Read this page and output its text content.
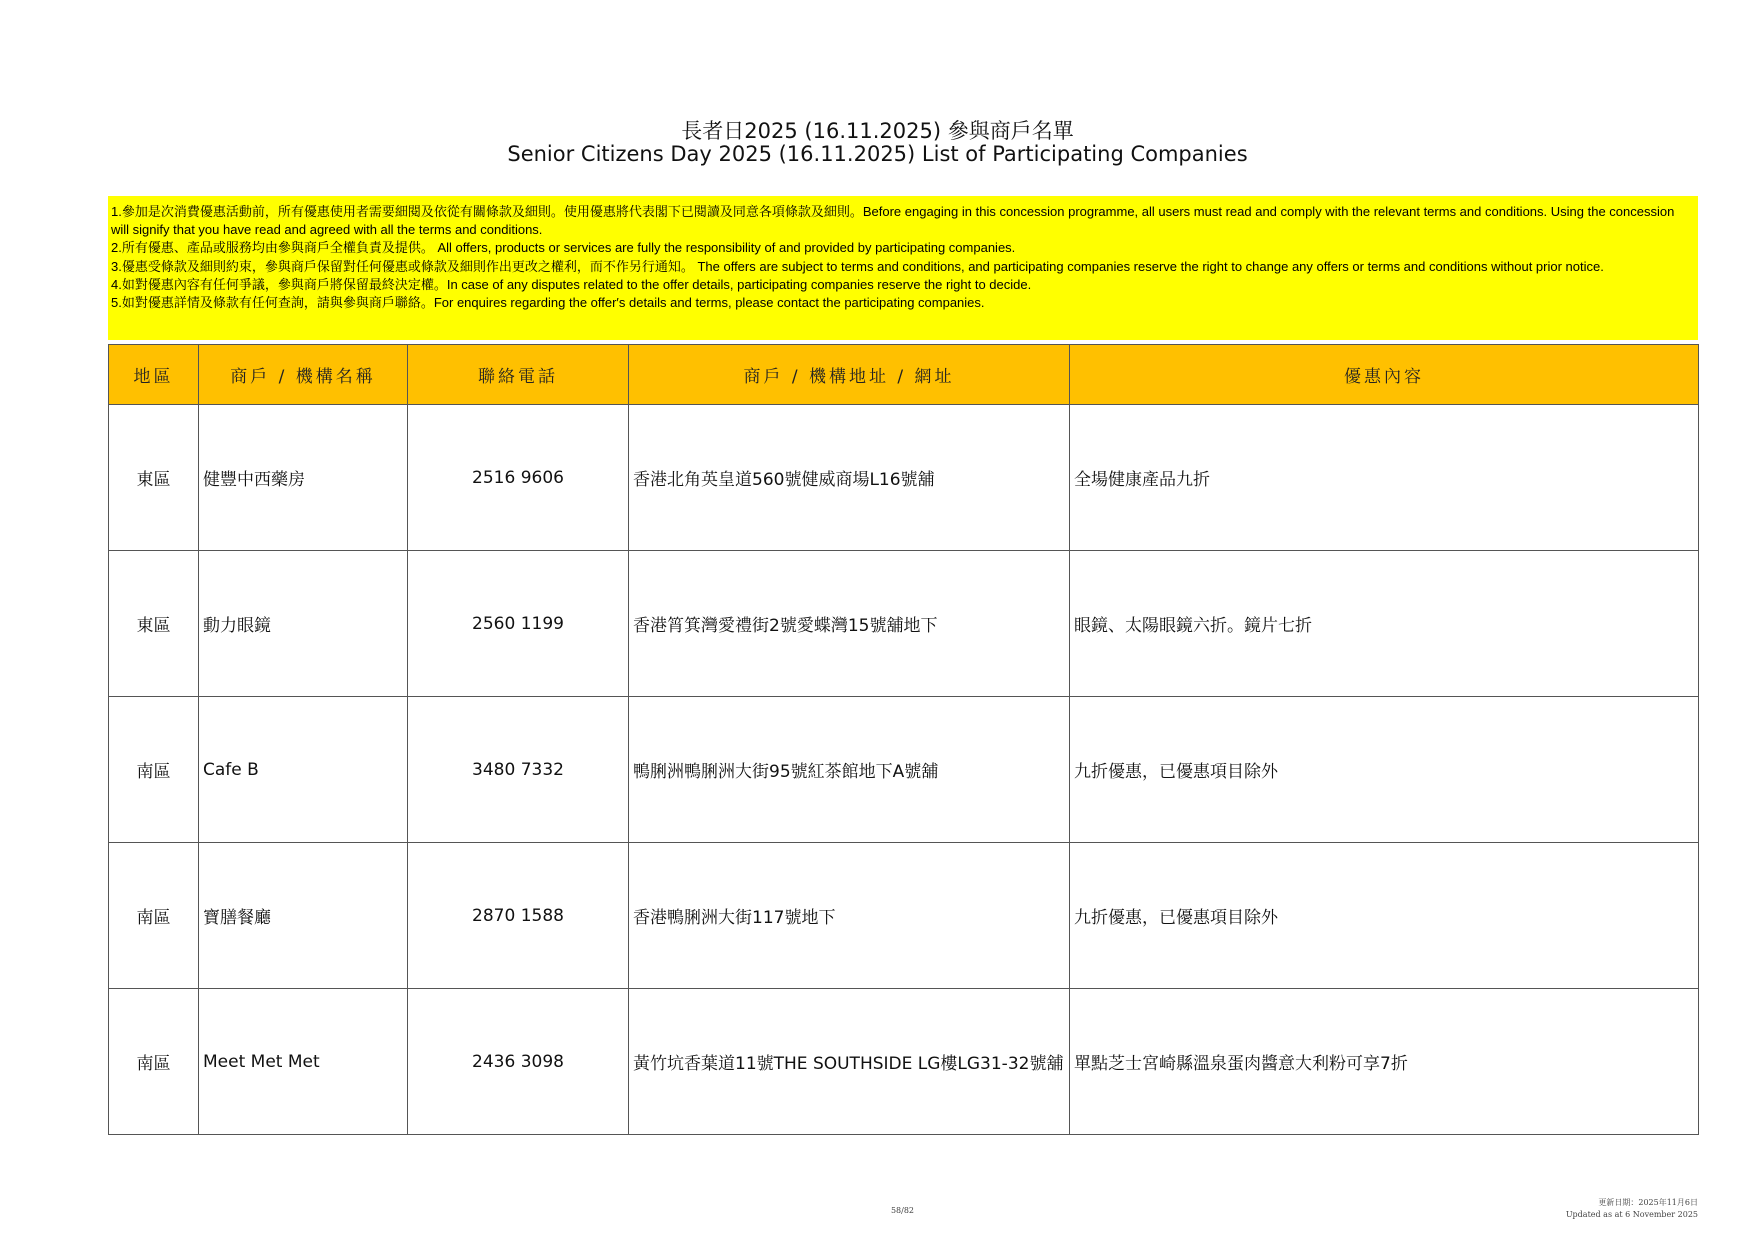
長者日2025 (16.11.2025) 參與商戶名單
Senior Citizens Day 2025 (16.11.2025) List of Participating Companies

1.參加是次消費優惠活動前，所有優惠使用者需要細閱及依從有關條款及細則。使用優惠將代表閣下已閱讀及同意各項條款及細則。Before engaging in this concession programme, all users must read and comply with the relevant terms and conditions. Using the concession will signify that you have read and agreed with all the terms and conditions.

2.所有優惠、產品或服務均由參與商戶全權負責及提供。 All offers, products or services are fully the responsibility of and provided by participating companies.

3.優惠受條款及細則約束，參與商戶保留對任何優惠或條款及細則作出更改之權利，而不作另行通知。 The offers are subject to terms and conditions, and participating companies reserve the right to change any offers or terms and conditions without prior notice.

4.如對優惠內容有任何爭議，參與商戶將保留最終決定權。In case of any disputes related to the offer details, participating companies reserve the right to decide.

5.如對優惠詳情及條款有任何查詢，請與參與商戶聯絡。For enquires regarding the offer′s details and terms, please contact the participating companies.

地區	商戶 / 機構名稱	聯絡電話	商戶 / 機構地址 / 網址	優惠內容
東區	健豐中西藥房	2516 9606	香港北角英皇道560號健威商場L16號舖	全場健康產品九折
東區	動力眼鏡	2560 1199	香港筲箕灣愛禮街2號愛蝶灣15號舖地下	眼鏡、太陽眼鏡六折。鏡片七折
南區	Cafe B	3480 7332	鴨脷洲鴨脷洲大街95號紅茶館地下A號舖	九折優惠，已優惠項目除外
南區	寶膳餐廳	2870 1588	香港鴨脷洲大街117號地下	九折優惠，已優惠項目除外
南區	Meet Met Met	2436 3098	黃竹坑香葉道11號THE SOUTHSIDE LG樓LG31-32號舖	單點芝士宮崎縣溫泉蛋肉醬意大利粉可享7折
58/82
更新日期：2025年11月6日
Updated as at 6 November 2025
